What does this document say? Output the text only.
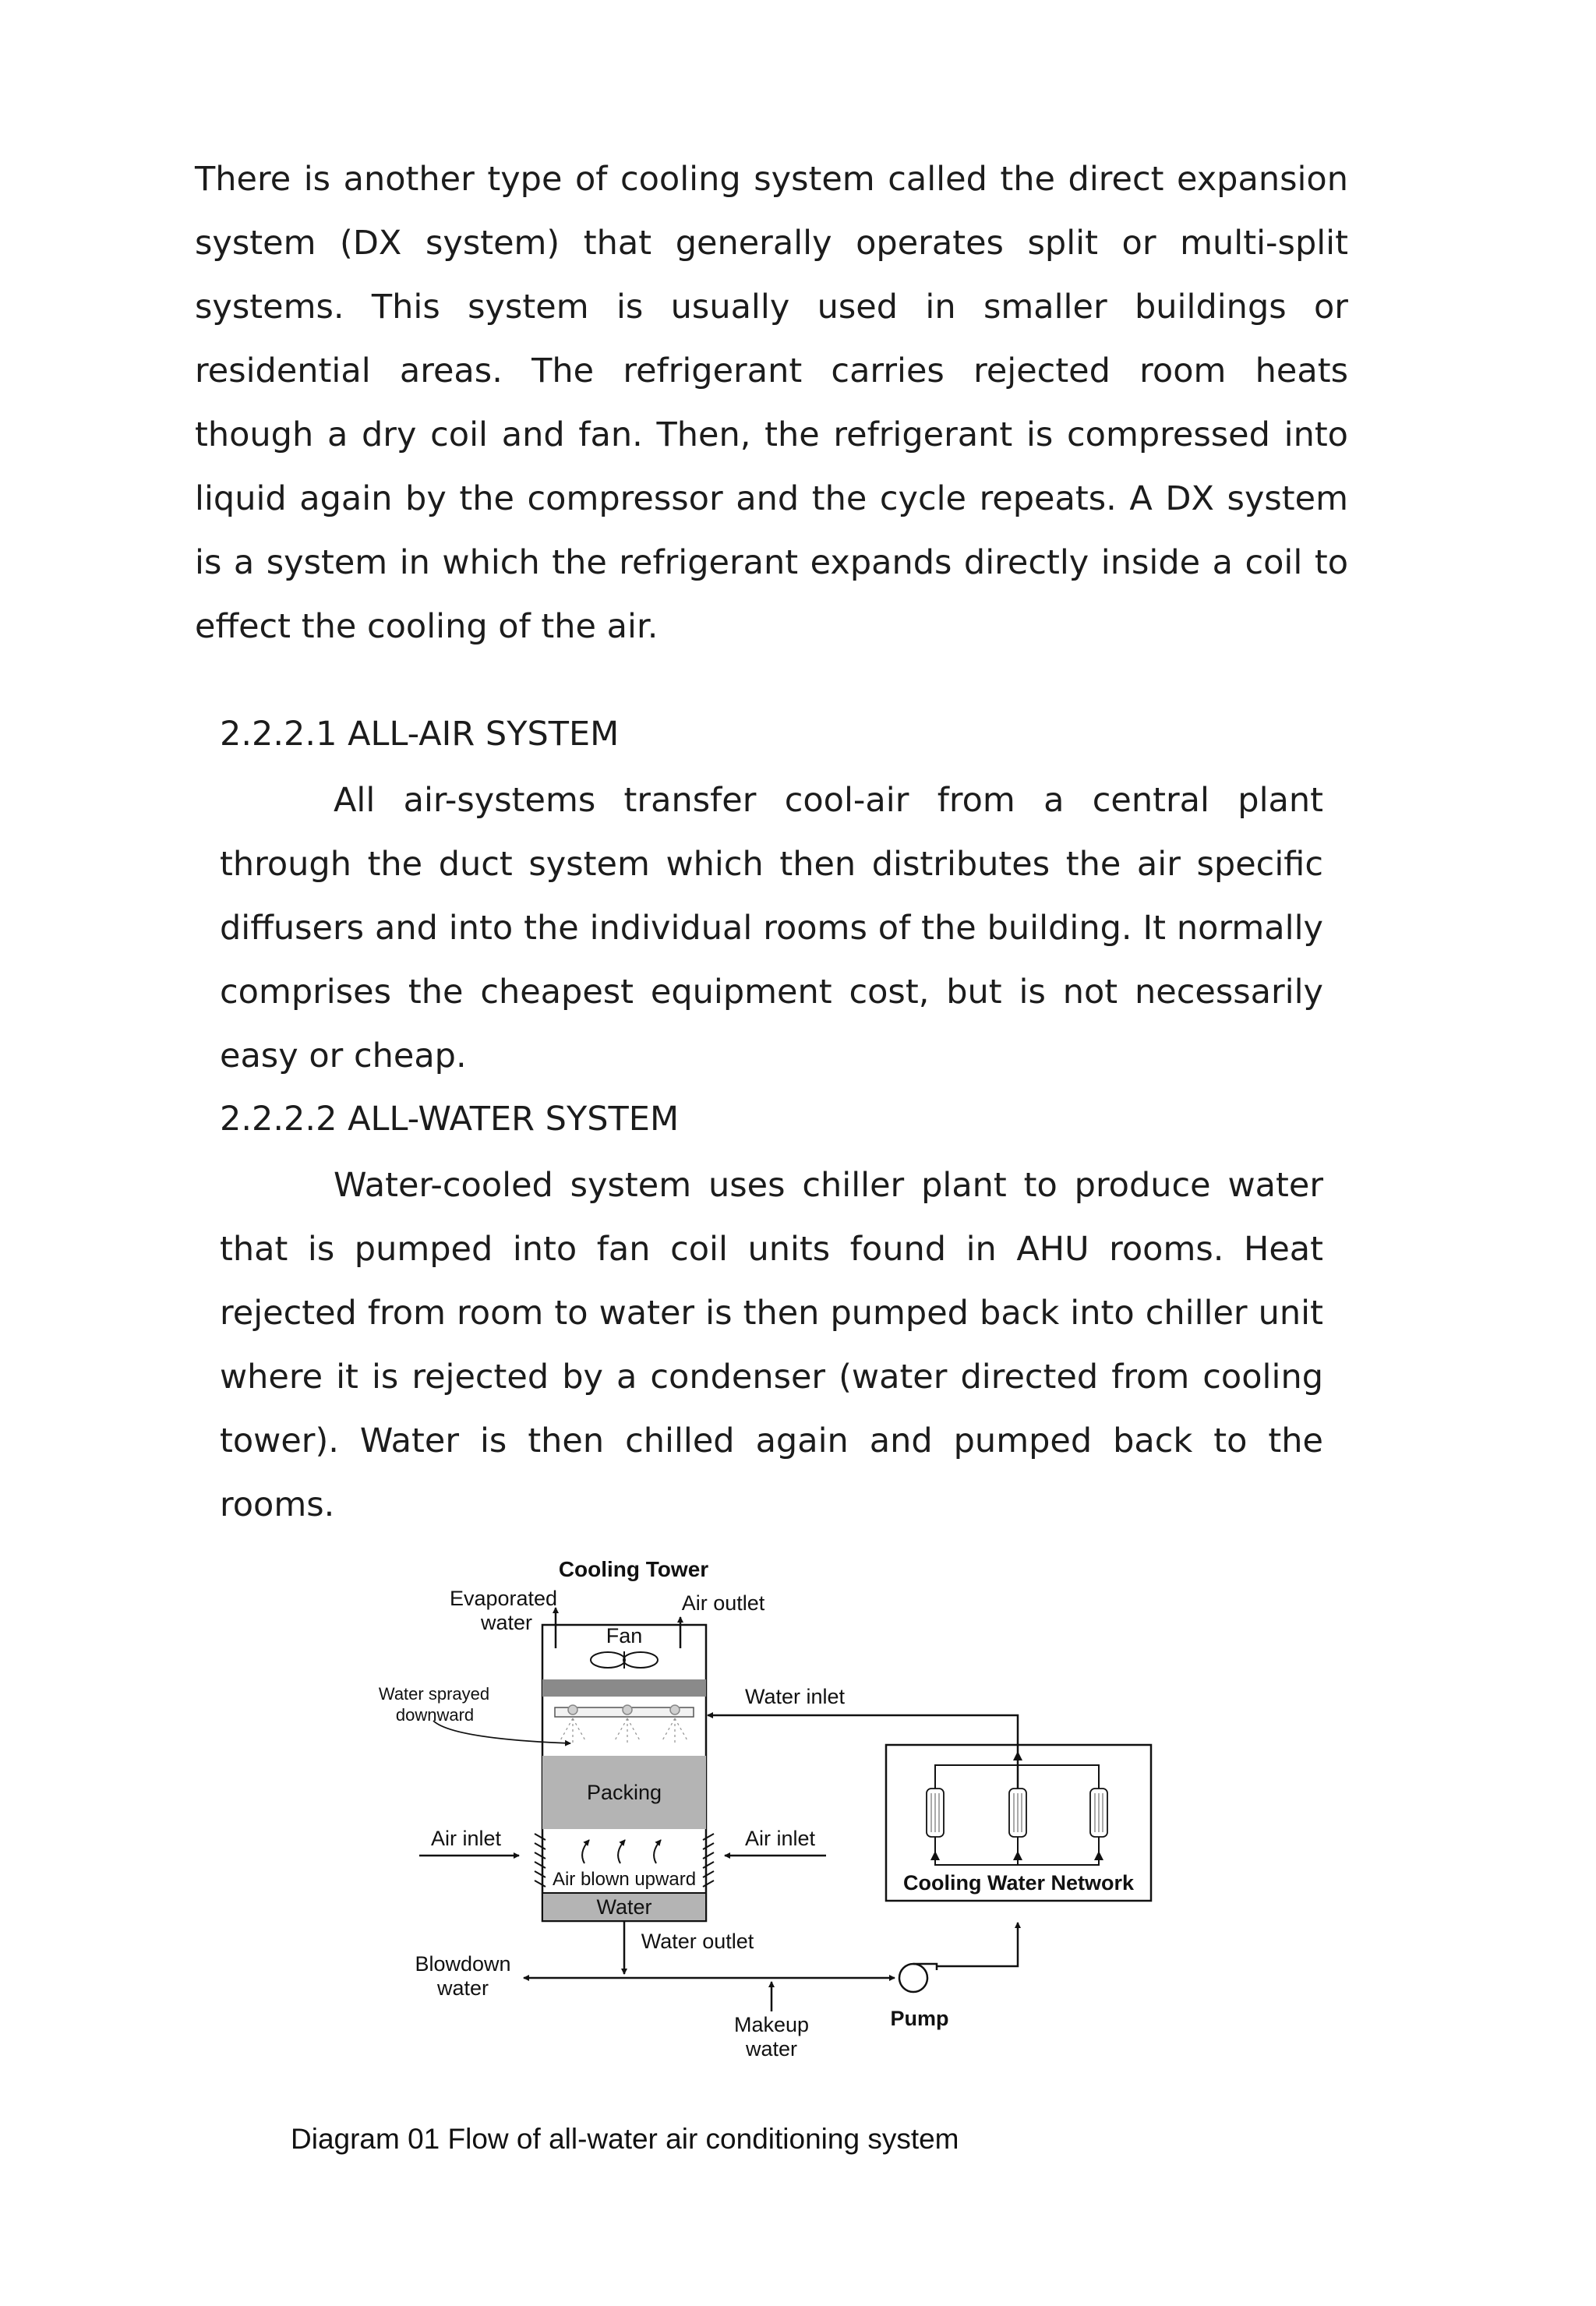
There is another type of cooling system called the direct expansion system (DX system) that generally operates split or multi-split systems. This system is usually used in smaller buildings or residential areas. The refrigerant carries rejected room heats though a dry coil and fan. Then, the refrigerant is compressed into liquid again by the compressor and the cycle repeats. A DX system is a system in which the refrigerant expands directly inside a coil to effect the cooling of the air.

2.2.2.1 ALL-AIR SYSTEM

All air-systems transfer cool-air from a central plant through the duct system which then distributes the air specific diffusers and into the individual rooms of the building. It normally comprises the cheapest equipment cost, but is not necessarily easy or cheap.

2.2.2.2 ALL-WATER SYSTEM

Water-cooled system uses chiller plant to produce water that is pumped into fan coil units found in AHU rooms. Heat rejected from room to water is then pumped back into chiller unit where it is rejected by a condenser (water directed from cooling tower). Water is then chilled again and pumped back to the rooms.

Packing
Water
Air blown upward
Fan
Cooling Tower
Evaporated
water
Air outlet
Water sprayed
downward
Water inlet
Air inlet	Air inlet
Water outlet
Blowdown
water
Makeup
water
Pump
Cooling Water Network

Diagram 01 Flow of all-water air conditioning system
